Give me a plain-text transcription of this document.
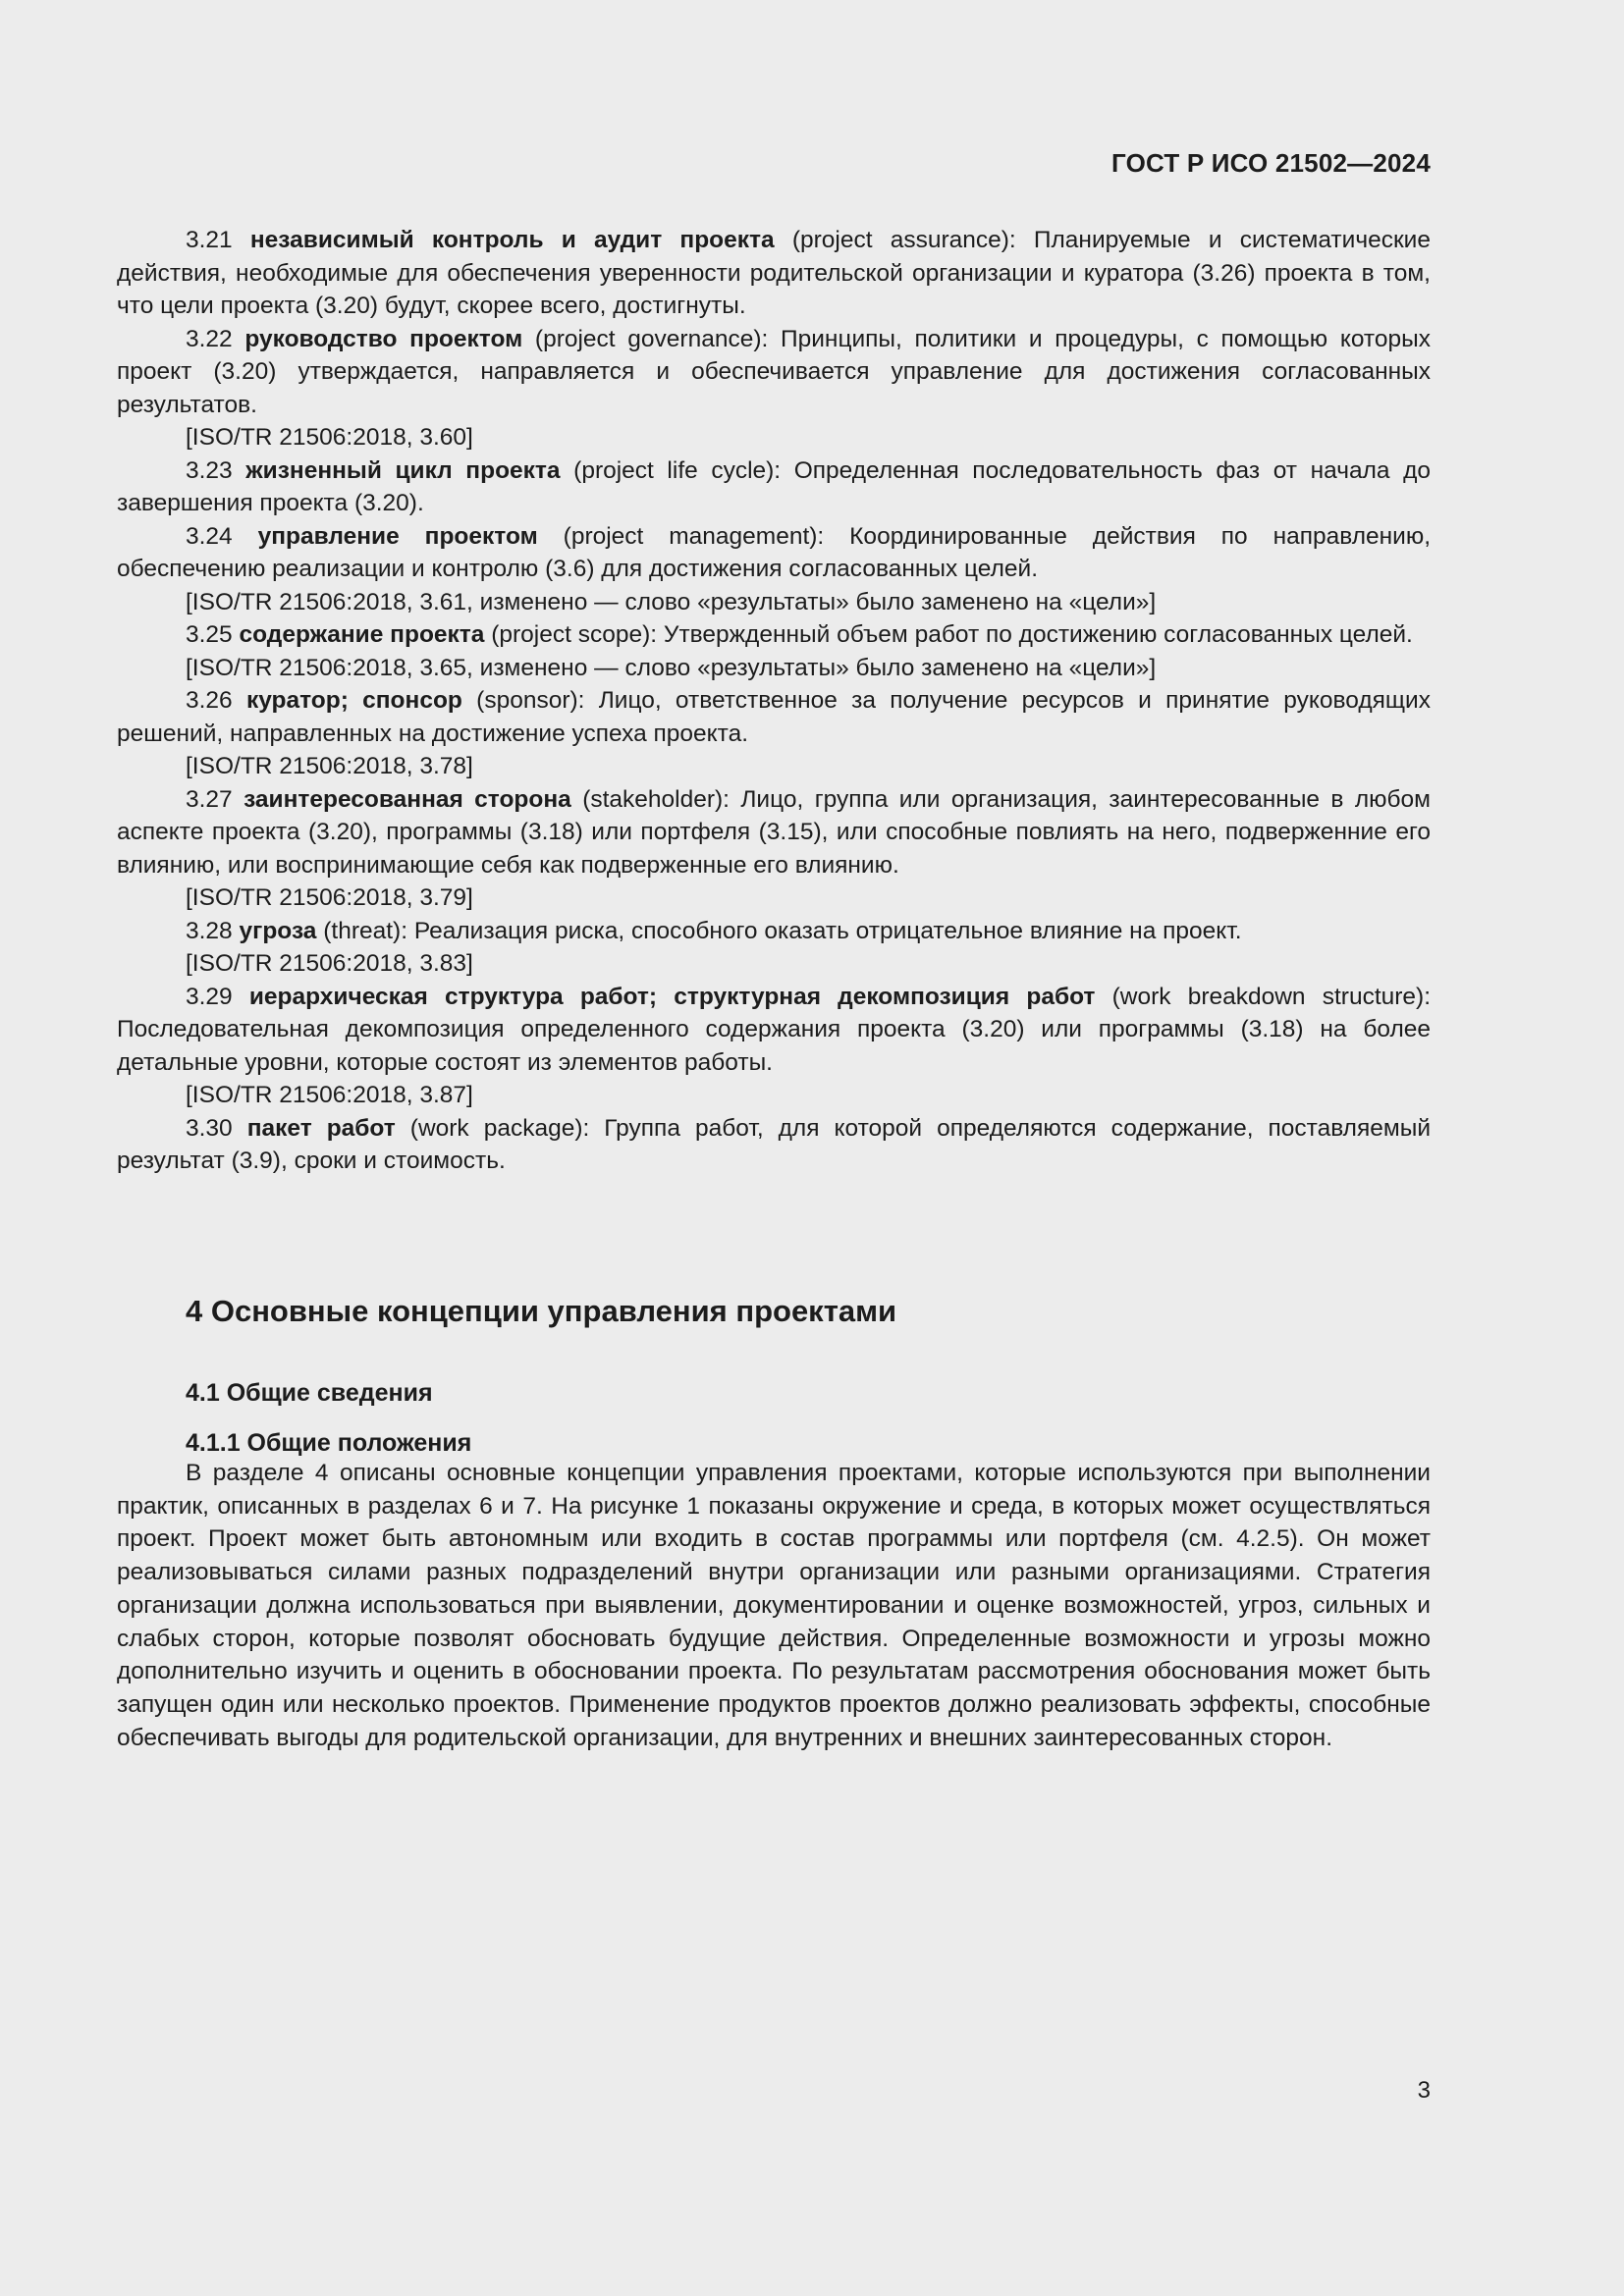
ГОСТ Р ИСО 21502—2024

3.21 независимый контроль и аудит проекта (project assurance): Планируемые и систематические действия, необходимые для обеспечения уверенности родительской организации и куратора (3.26) проекта в том, что цели проекта (3.20) будут, скорее всего, достигнуты.

3.22 руководство проектом (project governance): Принципы, политики и процедуры, с помощью которых проект (3.20) утверждается, направляется и обеспечивается управление для достижения согласованных результатов.

[ISO/TR 21506:2018, 3.60]

3.23 жизненный цикл проекта (project life cycle): Определенная последовательность фаз от начала до завершения проекта (3.20).

3.24 управление проектом (project management): Координированные действия по направлению, обеспечению реализации и контролю (3.6) для достижения согласованных целей.

[ISO/TR 21506:2018, 3.61, изменено — слово «результаты» было заменено на «цели»]

3.25 содержание проекта (project scope): Утвержденный объем работ по достижению согласованных целей.

[ISO/TR 21506:2018, 3.65, изменено — слово «результаты» было заменено на «цели»]

3.26 куратор; спонсор (sponsor): Лицо, ответственное за получение ресурсов и принятие руководящих решений, направленных на достижение успеха проекта.

[ISO/TR 21506:2018, 3.78]

3.27 заинтересованная сторона (stakeholder): Лицо, группа или организация, заинтересованные в любом аспекте проекта (3.20), программы (3.18) или портфеля (3.15), или способные повлиять на него, подверженние его влиянию, или воспринимающие себя как подверженные его влиянию.

[ISO/TR 21506:2018, 3.79]

3.28 угроза (threat): Реализация риска, способного оказать отрицательное влияние на проект.

[ISO/TR 21506:2018, 3.83]

3.29 иерархическая структура работ; структурная декомпозиция работ (work breakdown structure): Последовательная декомпозиция определенного содержания проекта (3.20) или программы (3.18) на более детальные уровни, которые состоят из элементов работы.

[ISO/TR 21506:2018, 3.87]

3.30 пакет работ (work package): Группа работ, для которой определяются содержание, поставляемый результат (3.9), сроки и стоимость.

4 Основные концепции управления проектами
4.1 Общие сведения
4.1.1 Общие положения

В разделе 4 описаны основные концепции управления проектами, которые используются при выполнении практик, описанных в разделах 6 и 7. На рисунке 1 показаны окружение и среда, в которых может осуществляться проект. Проект может быть автономным или входить в состав программы или портфеля (см. 4.2.5). Он может реализовываться силами разных подразделений внутри организации или разными организациями. Стратегия организации должна использоваться при выявлении, документировании и оценке возможностей, угроз, сильных и слабых сторон, которые позволят обосновать будущие действия. Определенные возможности и угрозы можно дополнительно изучить и оценить в обосновании проекта. По результатам рассмотрения обоснования может быть запущен один или несколько проектов. Применение продуктов проектов должно реализовать эффекты, способные обеспечивать выгоды для родительской организации, для внутренних и внешних заинтересованных сторон.

3
